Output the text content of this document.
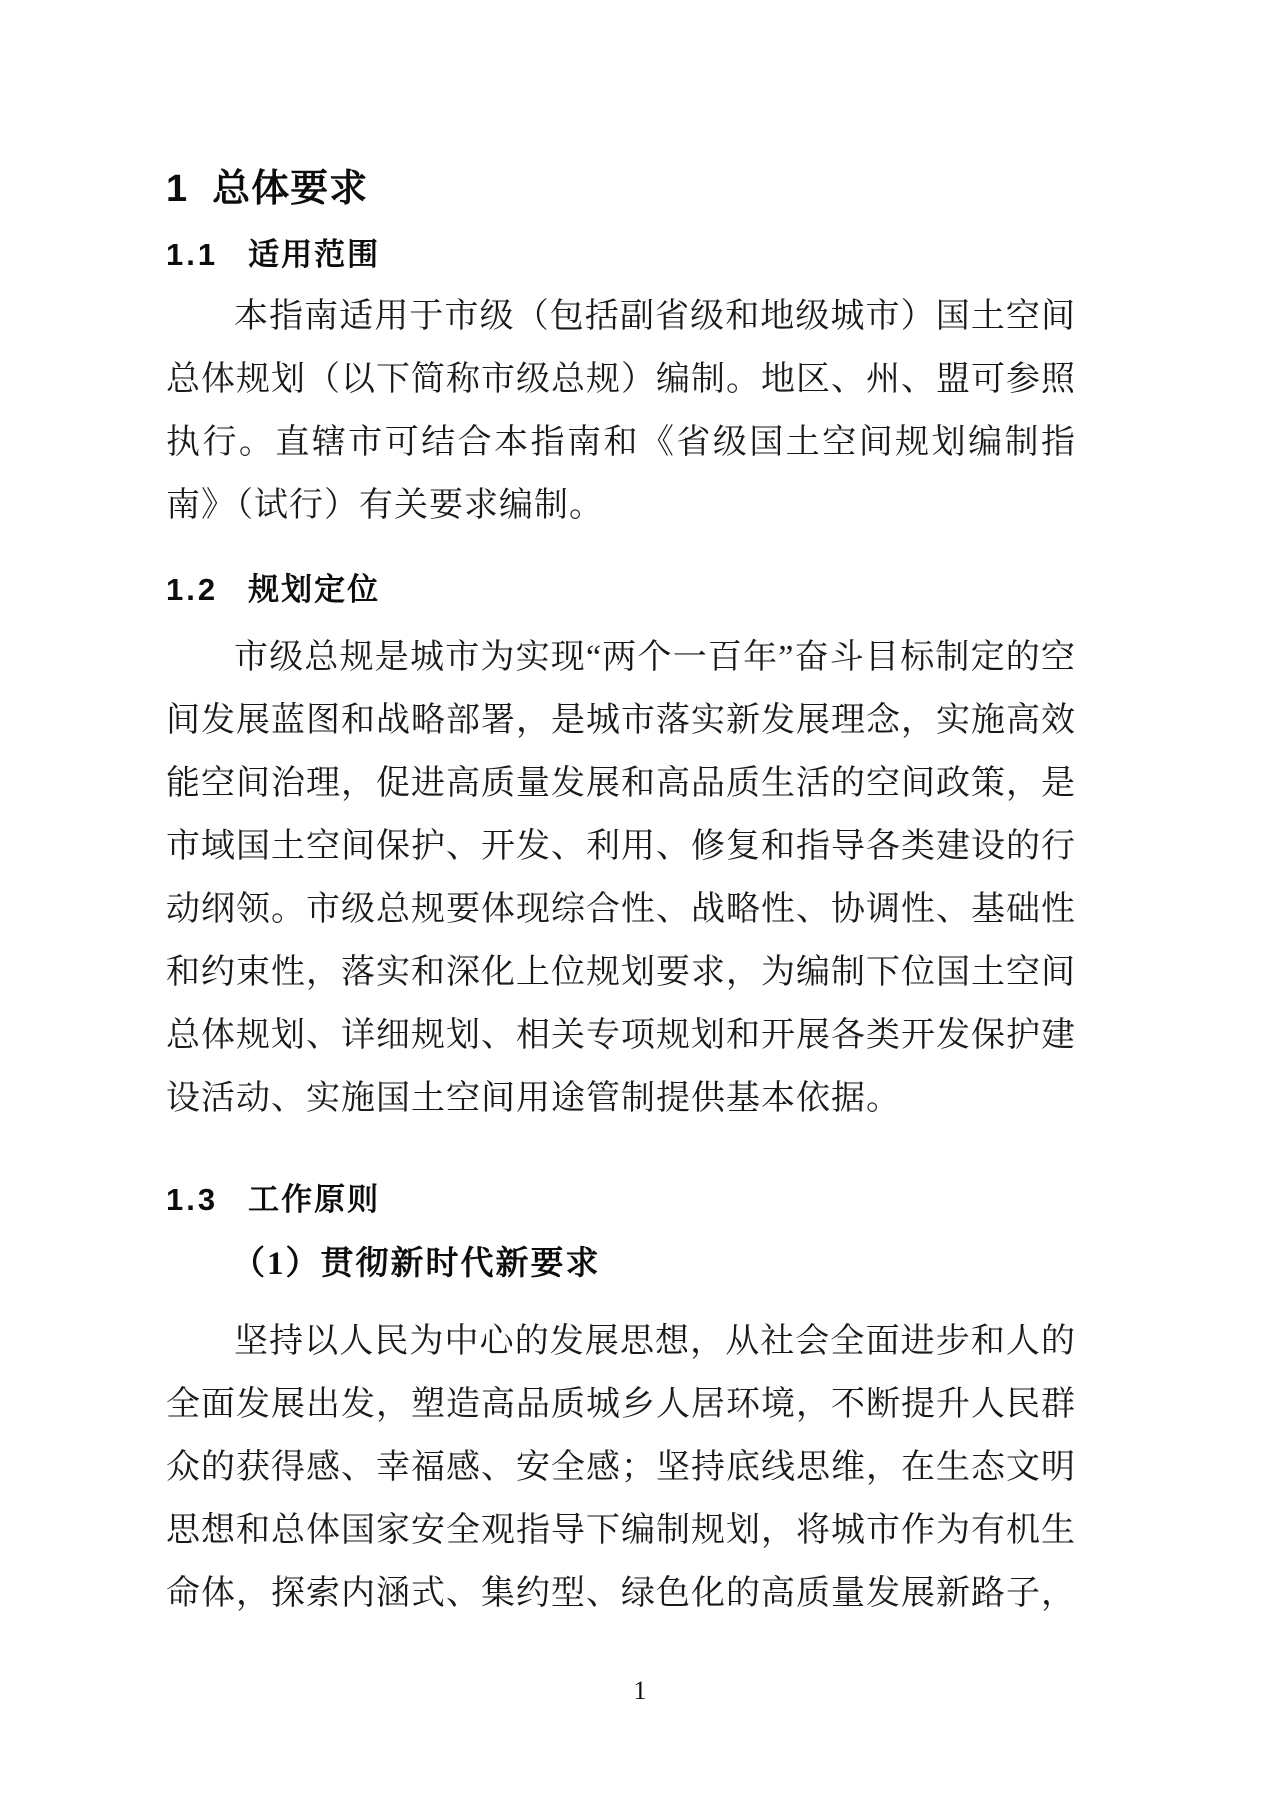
1 总体要求
1.1 适用范围

本指南适用于市级（包括副省级和地级城市）国土空间总体规划（以下简称市级总规）编制。地区、州、盟可参照执行。直辖市可结合本指南和《省级国土空间规划编制指南》（试行）有关要求编制。

1.2 规划定位

市级总规是城市为实现“两个一百年”奋斗目标制定的空间发展蓝图和战略部署，是城市落实新发展理念，实施高效能空间治理，促进高质量发展和高品质生活的空间政策，是市域国土空间保护、开发、利用、修复和指导各类建设的行动纲领。市级总规要体现综合性、战略性、协调性、基础性和约束性，落实和深化上位规划要求，为编制下位国土空间总体规划、详细规划、相关专项规划和开展各类开发保护建设活动、实施国土空间用途管制提供基本依据。

1.3 工作原则
（1）贯彻新时代新要求

坚持以人民为中心的发展思想，从社会全面进步和人的全面发展出发，塑造高品质城乡人居环境，不断提升人民群众的获得感、幸福感、安全感；坚持底线思维，在生态文明思想和总体国家安全观指导下编制规划，将城市作为有机生命体，探索内涵式、集约型、绿色化的高质量发展新路子，

1
